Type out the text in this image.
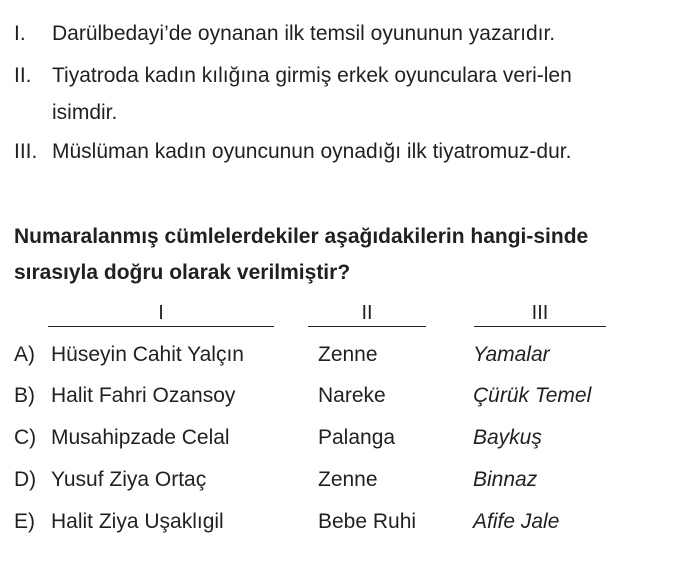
I. Darülbedayi’de oynanan ilk temsil oyununun yazarıdır.
II. Tiyatroda kadın kılığına girmiş erkek oyunculara veri-len isimdir.
III. Müslüman kadın oyuncunun oynadığı ilk tiyatromuz-dur.
Numaralanmış cümlelerdekiler aşağıdakilerin hangi-sinde sırasıyla doğru olarak verilmiştir?
I	II	III
A) Hüseyin Cahit Yalçın	Zenne	Yamalar
B) Halit Fahri Ozansoy	Nareke	Çürük Temel
C) Musahipzade Celal	Palanga	Baykuş
D) Yusuf Ziya Ortaç	Zenne	Binnaz
E) Halit Ziya Uşaklıgil	Bebe Ruhi	Afife Jale
